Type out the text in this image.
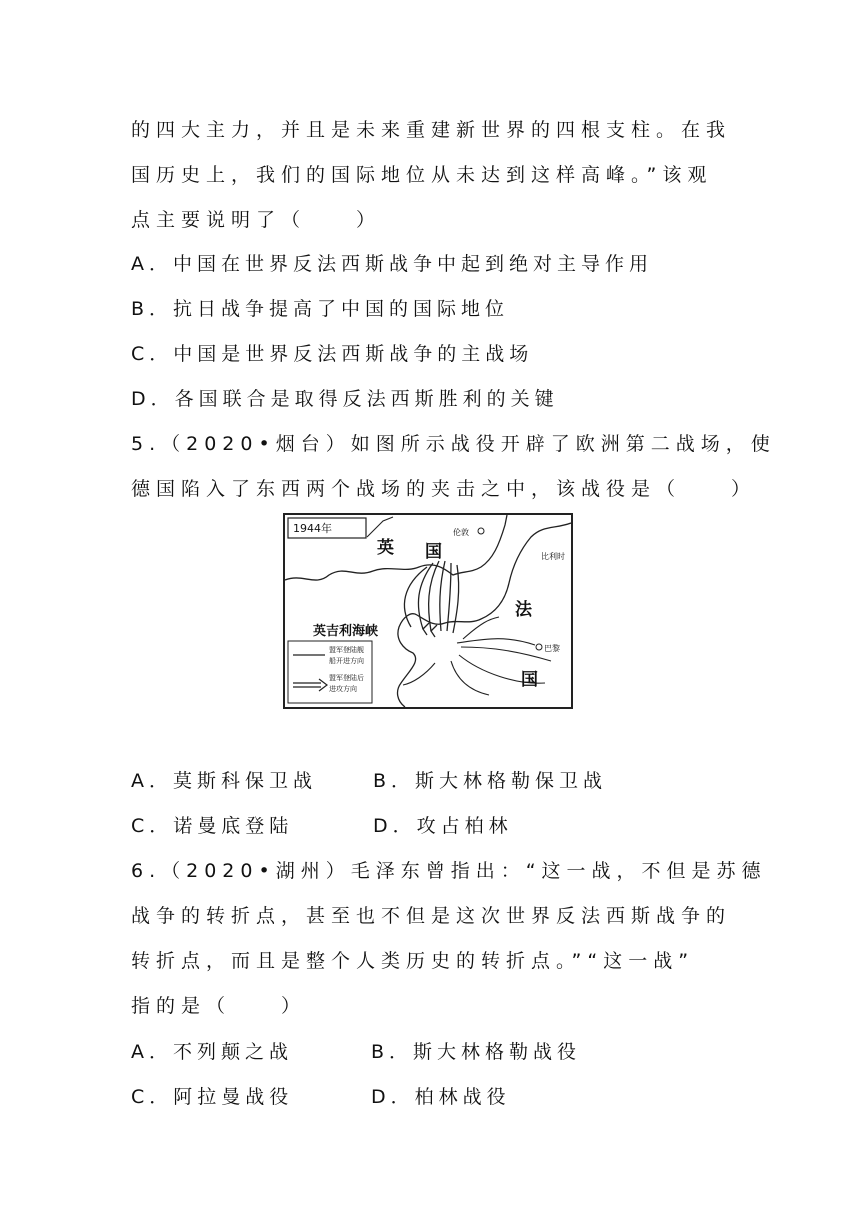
的四大主力，并且是未来重建新世界的四根支柱。在我
国历史上，我们的国际地位从未达到这样高峰。”该观
点主要说明了（　　）
A．中国在世界反法西斯战争中起到绝对主导作用
B．抗日战争提高了中国的国际地位
C．中国是世界反法西斯战争的主战场
D．各国联合是取得反法西斯胜利的关键
5.（2020•烟台）如图所示战役开辟了欧洲第二战场，使
德国陷入了东西两个战场的夹击之中，该战役是（　　）
1944年
盟军登陆舰
船开进方向
盟军登陆后
进攻方向
英 国
伦敦
比利时
法
国
英吉利海峡
巴黎
A．莫斯科保卫战	B．斯大林格勒保卫战
C．诺曼底登陆	D．攻占柏林
6.（2020•湖州）毛泽东曾指出：“这一战，不但是苏德
战争的转折点，甚至也不但是这次世界反法西斯战争的
转折点，而且是整个人类历史的转折点。”“这一战”
指的是（　　）
A．不列颠之战	B．斯大林格勒战役
C．阿拉曼战役	D．柏林战役
